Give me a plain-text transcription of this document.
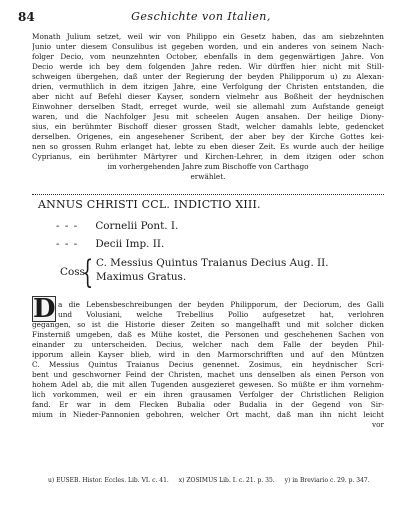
84	Geschichte von Italien,
Monath Julium setzet, weil wir von Philippo ein Gesetz haben, das am siebzehnten
Junio unter diesem Consulibus ist gegeben worden, und ein anderes von seinem Nach-
folger Decio, vom neunzehnten October, ebenfalls in dem gegenwärtigen Jahre. Von
Decio werde ich bey dem folgenden Jahre reden. Wir dürffen hier nicht mit Still-
schweigen übergehen, daß unter der Regierung der beyden Philipporum u) zu Alexan-
drien, vermuthlich in dem itzigen Jahre, eine Verfolgung der Christen entstanden, die
aber nicht auf Befehl dieser Kayser, sondern vielmehr aus Boßheit der heydnischen
Einwohner derselben Stadt, erreget wurde, weil sie allemahl zum Aufstande geneigt
waren, und die Nachfolger Jesu mit scheelen Augen ansahen. Der heilige Diony-
sius, ein berühmter Bischoff dieser grossen Stadt, welcher damahls lebte, gedencket
derselben. Origenes, ein angesehener Scribent, der aber bey der Kirche Gottes kei-
nen so grossen Ruhm erlanget hat, lebte zu eben dieser Zeit. Es wurde auch der heilige
Cyprianus, ein berühmter Märtyrer und Kirchen-Lehrer, in dem itzigen oder schon
im vorhergehenden Jahre zum Bischoffe von Carthago
erwählet.
ANNUS CHRISTI CCL. INDICTIO XIII.
- - - Cornelii Pont. I.
- - - Decii Imp. II.
Coss.
{ C. Messius Quintus Traianus Decius Aug. II.
Maximus Gratus.
D a die Lebensbeschreibungen der beyden Philipporum, der Deciorum, des Galli
und Volusiani, welche Trebellius Pollio aufgesetzet hat, verlohren
gegangen, so ist die Historie dieser Zeiten so mangelhafft und mit solcher dicken
Finsterniß umgeben, daß es Mühe kostet, die Personen und geschehenen Sachen von
einander zu unterscheiden. Decius, welcher nach dem Falle der beyden Phil-
ipporum allein Kayser blieb, wird in den Marmorschrifften und auf den Müntzen
C. Messius Quintus Traianus Decius genennet. Zosimus, ein heydnischer Scri-
bent und geschworner Feind der Christen, machet uns denselben als einen Person von
hohem Adel ab, die mit allen Tugenden ausgezieret gewesen. So müßte er ihm vornehm-
lich vorkommen, weil er ein ihren grausamen Verfolger der Christlichen Religion
fand. Er war in dem Flecken Bubalia oder Budalia in der Gegend von Sir-
mium in Nieder-Pannonien gebohren, welcher Ort macht, daß man ihn nicht leicht
vor
u) EUSEB. Histor. Eccles. Lib. VI. c. 41. x) ZOSIMUS Lib. I. c. 21. p. 35. y) in Breviario c. 29. p. 347.
